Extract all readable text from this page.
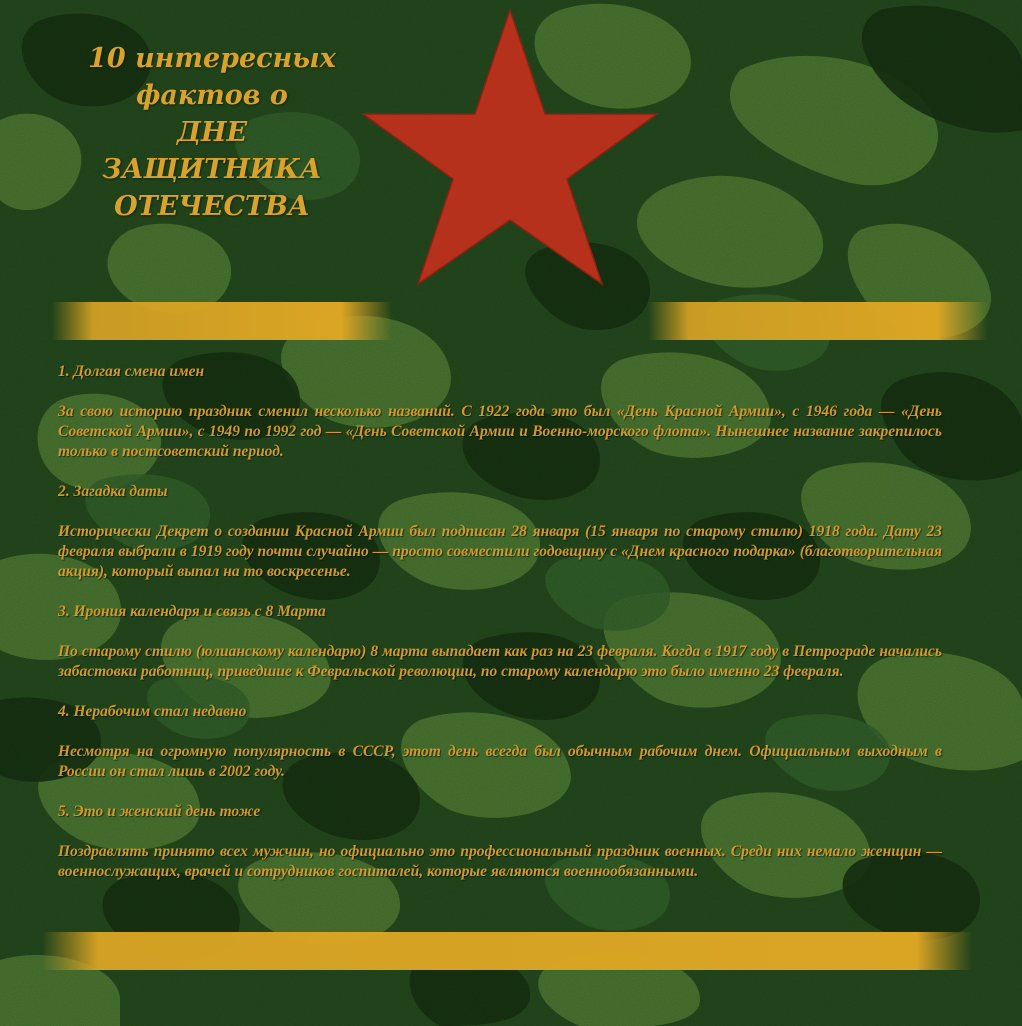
10 интересных
фактов о
ДНЕ
ЗАЩИТНИКА
ОТЕЧЕСТВА

1. Долгая смена имен

За свою историю праздник сменил несколько названий. С 1922 года это был «День Красной Армии», с 1946 года — «День Советской Армии», с 1949 по 1992 год — «День Советской Армии и Военно-морского флота». Нынешнее название закрепилось только в постсоветский период.

2. Загадка даты

Исторически Декрет о создании Красной Армии был подписан 28 января (15 января по старому стилю) 1918 года. Дату 23 февраля выбрали в 1919 году почти случайно — просто совместили годовщину с «Днем красного подарка» (благотворительная акция), который выпал на то воскресенье.

3. Ирония календаря и связь с 8 Марта

По старому стилю (юлианскому календарю) 8 марта выпадает как раз на 23 февраля. Когда в 1917 году в Петрограде начались забастовки работниц, приведшие к Февральской революции, по старому календарю это было именно 23 февраля.

4. Нерабочим стал недавно

Несмотря на огромную популярность в СССР, этот день всегда был обычным рабочим днем. Официальным выходным в России он стал лишь в 2002 году.

5. Это и женский день тоже

Поздравлять принято всех мужчин, но официально это профессиональный праздник военных. Среди них немало женщин — военнослужащих, врачей и сотрудников госпиталей, которые являются военнообязанными.
